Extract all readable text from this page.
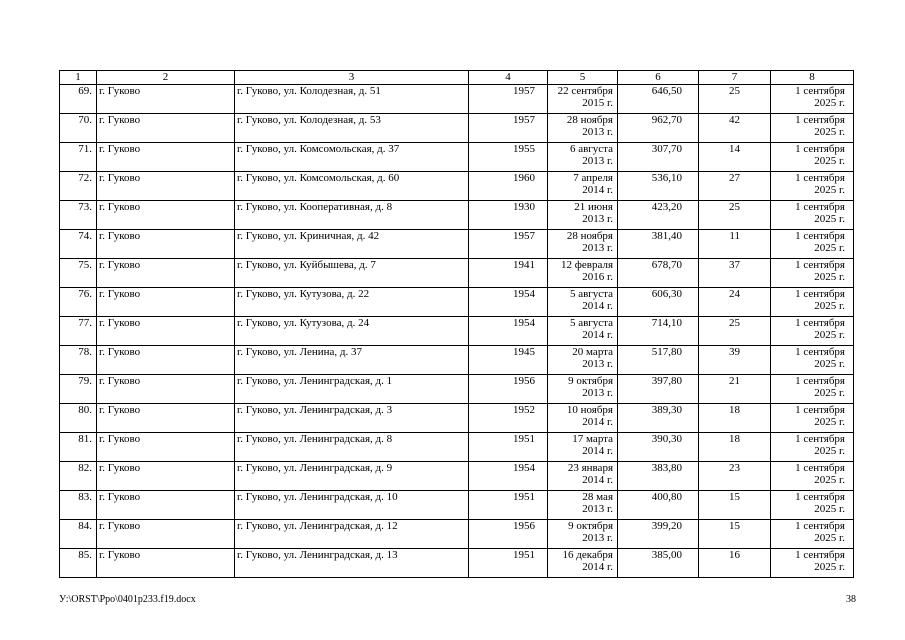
1	2	3	4	5	6	7	8
69.	г. Гуково	г. Гуково, ул. Колодезная, д. 51	1957	22 сентября
2015 г.	646,50	25	1 сентября
2025 г.

70.	г. Гуково	г. Гуково, ул. Колодезная, д. 53	1957	28 ноября
2013 г.	962,70	42	1 сентября
2025 г.

71.	г. Гуково	г. Гуково, ул. Комсомольская, д. 37	1955	6 августа
2013 г.	307,70	14	1 сентября
2025 г.

72.	г. Гуково	г. Гуково, ул. Комсомольская, д. 60	1960	7 апреля
2014 г.	536,10	27	1 сентября
2025 г.

73.	г. Гуково	г. Гуково, ул. Кооперативная, д. 8	1930	21 июня
2013 г.	423,20	25	1 сентября
2025 г.

74.	г. Гуково	г. Гуково, ул. Криничная, д. 42	1957	28 ноября
2013 г.	381,40	11	1 сентября
2025 г.

75.	г. Гуково	г. Гуково, ул. Куйбышева, д. 7	1941	12 февраля
2016 г.	678,70	37	1 сентября
2025 г.

76.	г. Гуково	г. Гуково, ул. Кутузова, д. 22	1954	5 августа
2014 г.	606,30	24	1 сентября
2025 г.

77.	г. Гуково	г. Гуково, ул. Кутузова, д. 24	1954	5 августа
2014 г.	714,10	25	1 сентября
2025 г.

78.	г. Гуково	г. Гуково, ул. Ленина, д. 37	1945	20 марта
2013 г.	517,80	39	1 сентября
2025 г.

79.	г. Гуково	г. Гуково, ул. Ленинградская, д. 1	1956	9 октября
2013 г.	397,80	21	1 сентября
2025 г.

80.	г. Гуково	г. Гуково, ул. Ленинградская, д. 3	1952	10 ноября
2014 г.	389,30	18	1 сентября
2025 г.

81.	г. Гуково	г. Гуково, ул. Ленинградская, д. 8	1951	17 марта
2014 г.	390,30	18	1 сентября
2025 г.

82.	г. Гуково	г. Гуково, ул. Ленинградская, д. 9	1954	23 января
2014 г.	383,80	23	1 сентября
2025 г.

83.	г. Гуково	г. Гуково, ул. Ленинградская, д. 10	1951	28 мая
2013 г.	400,80	15	1 сентября
2025 г.

84.	г. Гуково	г. Гуково, ул. Ленинградская, д. 12	1956	9 октября
2013 г.	399,20	15	1 сентября
2025 г.

85.	г. Гуково	г. Гуково, ул. Ленинградская, д. 13	1951	16 декабря
2014 г.	385,00	16	1 сентября
2025 г.
У:\ORST\Ppo\0401p233.f19.docx	38
